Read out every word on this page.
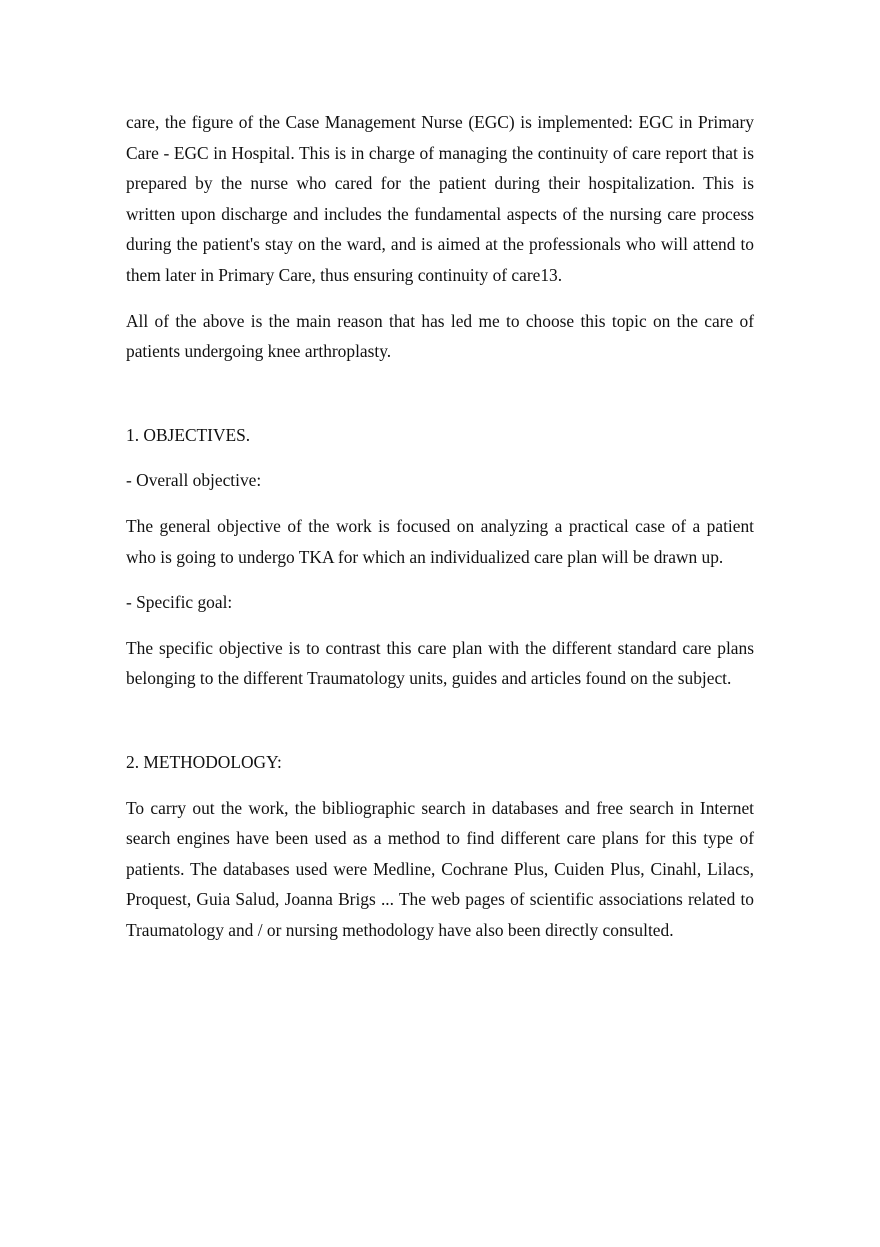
care, the figure of the Case Management Nurse (EGC) is implemented: EGC in Primary Care - EGC in Hospital. This is in charge of managing the continuity of care report that is prepared by the nurse who cared for the patient during their hospitalization. This is written upon discharge and includes the fundamental aspects of the nursing care process during the patient's stay on the ward, and is aimed at the professionals who will attend to them later in Primary Care, thus ensuring continuity of care13.

All of the above is the main reason that has led me to choose this topic on the care of patients undergoing knee arthroplasty.

1. OBJECTIVES.

- Overall objective:

The general objective of the work is focused on analyzing a practical case of a patient who is going to undergo TKA for which an individualized care plan will be drawn up.

- Specific goal:

The specific objective is to contrast this care plan with the different standard care plans belonging to the different Traumatology units, guides and articles found on the subject.

2. METHODOLOGY:

To carry out the work, the bibliographic search in databases and free search in Internet search engines have been used as a method to find different care plans for this type of patients. The databases used were Medline, Cochrane Plus, Cuiden Plus, Cinahl, Lilacs, Proquest, Guia Salud, Joanna Brigs ... The web pages of scientific associations related to Traumatology and / or nursing methodology have also been directly consulted.
